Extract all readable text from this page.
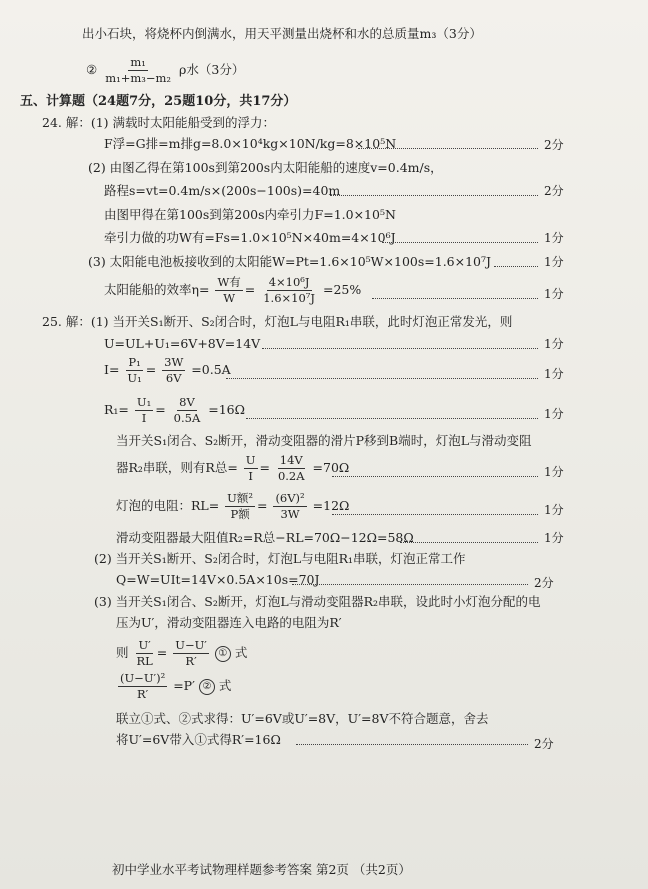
出小石块，将烧杯内倒满水，用天平测量出烧杯和水的总质量m₃（3分）
② $\frac{\text{m₁}}{\text{m₁+m₃−m₂}}$ ρ水（3分）
五、计算题（24题7分，25题10分，共17分）
24. 解：(1) 满载时太阳能船受到的浮力：
F浮=G排=m排g=8.0×10⁴kg×10N/kg=8×10⁵N	2分
(2) 由图乙得在第100s到第200s内太阳能船的速度v=0.4m/s，
路程s=vt=0.4m/s×(200s−100s)=40m	2分
由图甲得在第100s到第200s内牵引力F=1.0×10⁵N
牵引力做的功W有=Fs=1.0×10⁵N×40m=4×10⁶J	1分
(3) 太阳能电池板接收到的太阳能W=Pt=1.6×10⁵W×100s=1.6×10⁷J	1分
太阳能船的效率$\eta= \frac{\text{W有}}{W} = \frac{\text{4×10⁶J}}{\text{1.6×10⁷J}} =25\%$	1分
25. 解：(1) 当开关S₁断开、S₂闭合时，灯泡L与电阻R₁串联，此时灯泡正常发光，则
U=UL+U₁=6V+8V=14V	1分
$I= \frac{\text{P₁}}{\text{U₁}} = \frac{3W}{6V} =0.5A$	1分
$R_1= \frac{\text{U₁}}{I} = \frac{8V}{0.5A} =16\Omega$	1分
当开关S₁闭合、S₂断开，滑动变阻器的滑片P移到B端时，灯泡L与滑动变阻
器R₂串联，则有R总= $\frac{U}{I} = \frac{14V}{0.2A} =70\Omega$	1分
灯泡的电阻：$RL= \frac{\text{U额²}}{\text{P额}} = \frac{\text{(6V)²}}{3W} =12\Omega$	1分
滑动变阻器最大阻值R₂=R总−RL=70Ω−12Ω=58Ω	1分
(2) 当开关S₁断开、S₂闭合时，灯泡L与电阻R₁串联，灯泡正常工作
Q=W=UIt=14V×0.5A×10s=70J	2分
(3) 当开关S₁闭合、S₂断开，灯泡L与滑动变阻器R₂串联，设此时小灯泡分配的电
压为U′，滑动变阻器连入电路的电阻为R′
则 $\frac{U'}{RL} = \frac{U-U'}{R'}$ ① 式
$\frac{\text{(U−U′)²}}{R'} =P'$ ② 式
联立①式、②式求得：U′=6V或U′=8V，U′=8V不符合题意，舍去
将U′=6V带入①式得R′=16Ω	2分
初中学业水平考试物理样题参考答案 第2页 （共2页）
